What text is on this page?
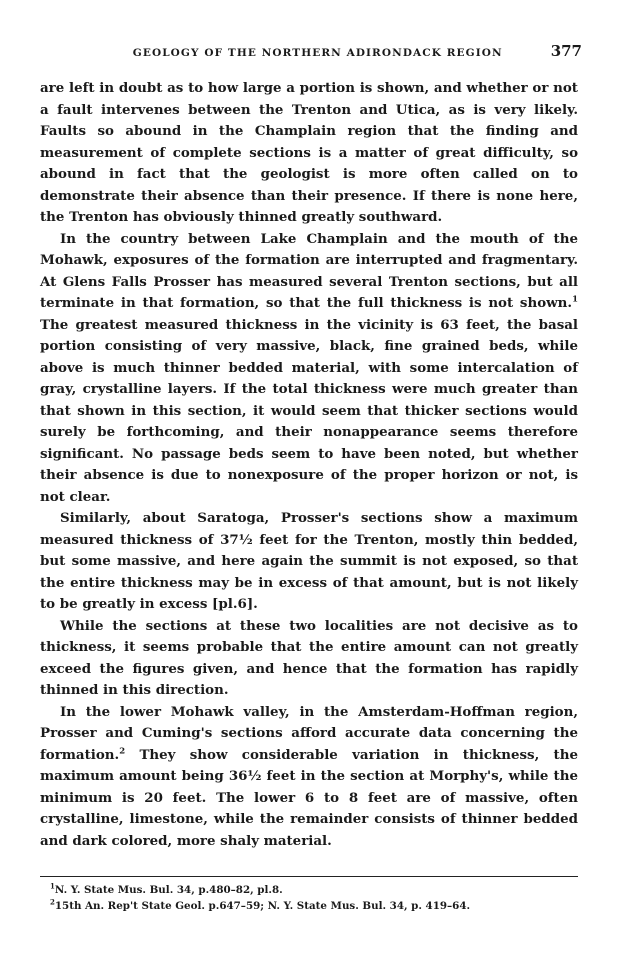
GEOLOGY OF THE NORTHERN ADIRONDACK REGION	377

are left in doubt as to how large a portion is shown, and whether or not a fault intervenes between the Trenton and Utica, as is very likely. Faults so abound in the Champlain region that the finding and measurement of complete sections is a matter of great difficulty, so abound in fact that the geologist is more often called on to demonstrate their absence than their presence. If there is none here, the Trenton has obviously thinned greatly southward.

In the country between Lake Champlain and the mouth of the Mohawk, exposures of the formation are interrupted and fragmentary. At Glens Falls Prosser has measured several Trenton sections, but all terminate in that formation, so that the full thickness is not shown.$^1$ The greatest measured thickness in the vicinity is 63 feet, the basal portion consisting of very massive, black, fine grained beds, while above is much thinner bedded material, with some intercalation of gray, crystalline layers. If the total thickness were much greater than that shown in this section, it would seem that thicker sections would surely be forthcoming, and their nonappearance seems therefore significant. No passage beds seem to have been noted, but whether their absence is due to nonexposure of the proper horizon or not, is not clear.

Similarly, about Saratoga, Prosser's sections show a maximum measured thickness of 37½ feet for the Trenton, mostly thin bedded, but some massive, and here again the summit is not exposed, so that the entire thickness may be in excess of that amount, but is not likely to be greatly in excess [pl.6].

While the sections at these two localities are not decisive as to thickness, it seems probable that the entire amount can not greatly exceed the figures given, and hence that the formation has rapidly thinned in this direction.

In the lower Mohawk valley, in the Amsterdam-Hoffman region, Prosser and Cuming's sections afford accurate data concerning the formation.$^2$ They show considerable variation in thickness, the maximum amount being 36½ feet in the section at Morphy's, while the minimum is 20 feet. The lower 6 to 8 feet are of massive, often crystalline, limestone, while the remainder consists of thinner bedded and dark colored, more shaly material.

$^1$N. Y. State Mus. Bul. 34, p.480–82, pl.8.

$^2$15th An. Rep't State Geol. p.647–59; N. Y. State Mus. Bul. 34, p. 419–64.
